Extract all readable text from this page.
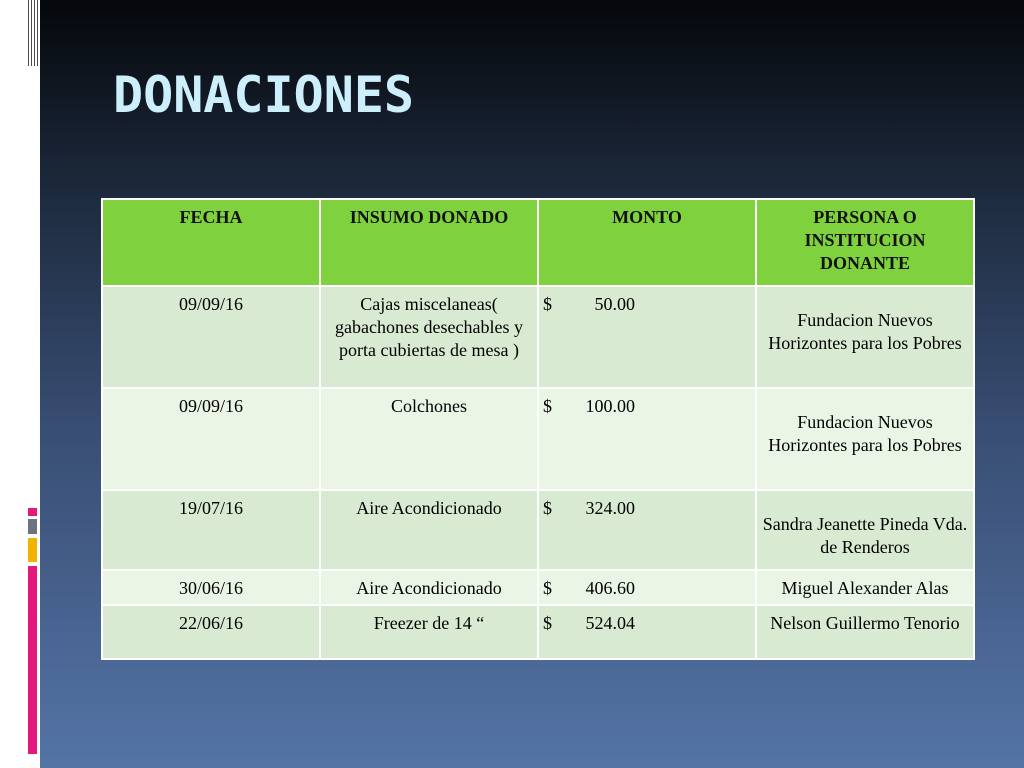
DONACIONES
FECHA	INSUMO DONADO	MONTO	PERSONA O INSTITUCION DONANTE
09/09/16	Cajas miscelaneas( gabachones desechables y porta cubiertas de mesa )	$ 50.00	Fundacion Nuevos Horizontes para los Pobres
09/09/16	Colchones	$ 100.00	Fundacion Nuevos Horizontes para los Pobres
19/07/16	Aire Acondicionado	$ 324.00	Sandra Jeanette Pineda Vda. de Renderos
30/06/16	Aire Acondicionado	$ 406.60	Miguel Alexander Alas
22/06/16	Freezer de 14 “	$ 524.04	Nelson Guillermo Tenorio
